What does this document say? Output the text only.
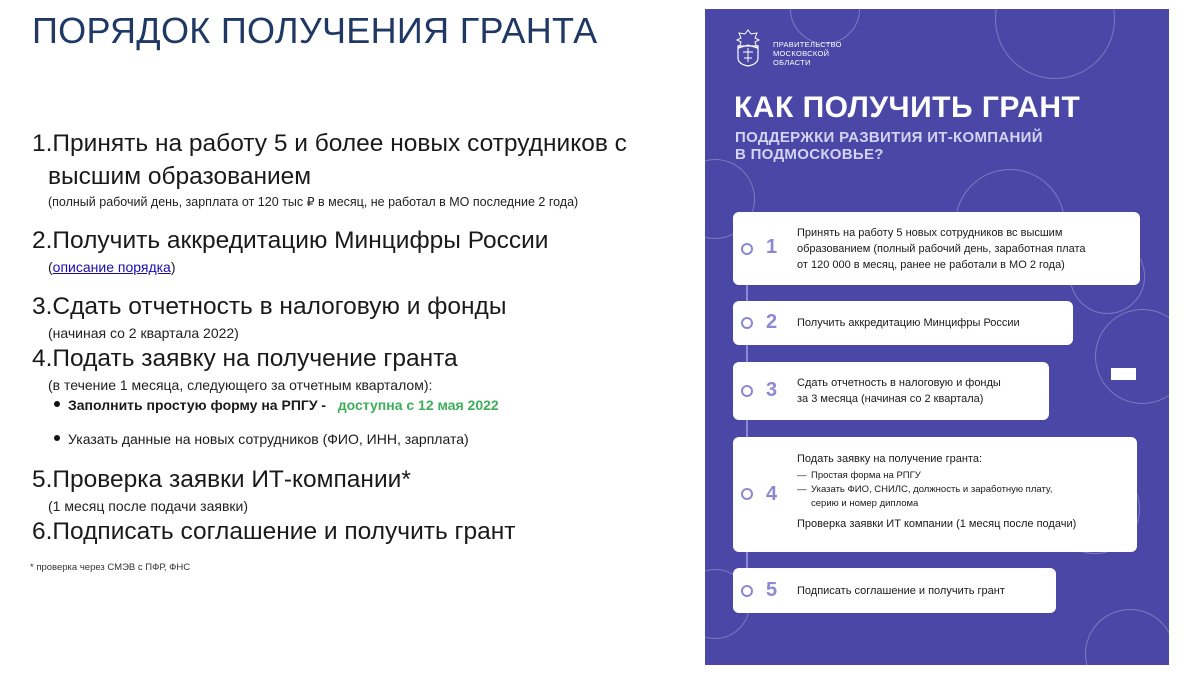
ПОРЯДОК ПОЛУЧЕНИЯ ГРАНТА
1.Принять на работу 5 и более новых сотрудников с
высшим образованием
(полный рабочий день, зарплата от 120 тыс ₽ в месяц, не работал в МО последние 2 года)
2.Получить аккредитацию Минцифры России
(описание порядка)
3.Сдать отчетность в налоговую и фонды
(начиная со 2 квартала 2022)
4.Подать заявку на получение гранта
(в течение 1 месяца, следующего за отчетным кварталом):
Заполнить простую форму на РПГУ - доступна с 12 мая 2022
Указать данные на новых сотрудников (ФИО, ИНН, зарплата)
5.Проверка заявки ИТ-компании*
(1 месяц после подачи заявки)
6.Подписать соглашение и получить грант
* проверка через СМЭВ с ПФР, ФНС
ПРАВИТЕЛЬСТВО
МОСКОВСКОЙ
ОБЛАСТИ
КАК ПОЛУЧИТЬ ГРАНТ
ПОДДЕРЖКИ РАЗВИТИЯ ИТ-КОМПАНИЙ
В ПОДМОСКОВЬЕ?
1
Принять на работу 5 новых сотрудников вс высшим
образованием (полный рабочий день, заработная плата
от 120 000 в месяц, ранее не работали в МО 2 года)
2 Получить аккредитацию Минцифры России
3 Сдать отчетность в налоговую и фонды
за 3 месяца (начиная со 2 квартала)
4
Подать заявку на получение гранта:
— Простая форма на РПГУ
— Указать ФИО, СНИЛС, должность и заработную плату,
серию и номер диплома
Проверка заявки ИТ компании (1 месяц после подачи)
5 Подписать соглашение и получить грант
